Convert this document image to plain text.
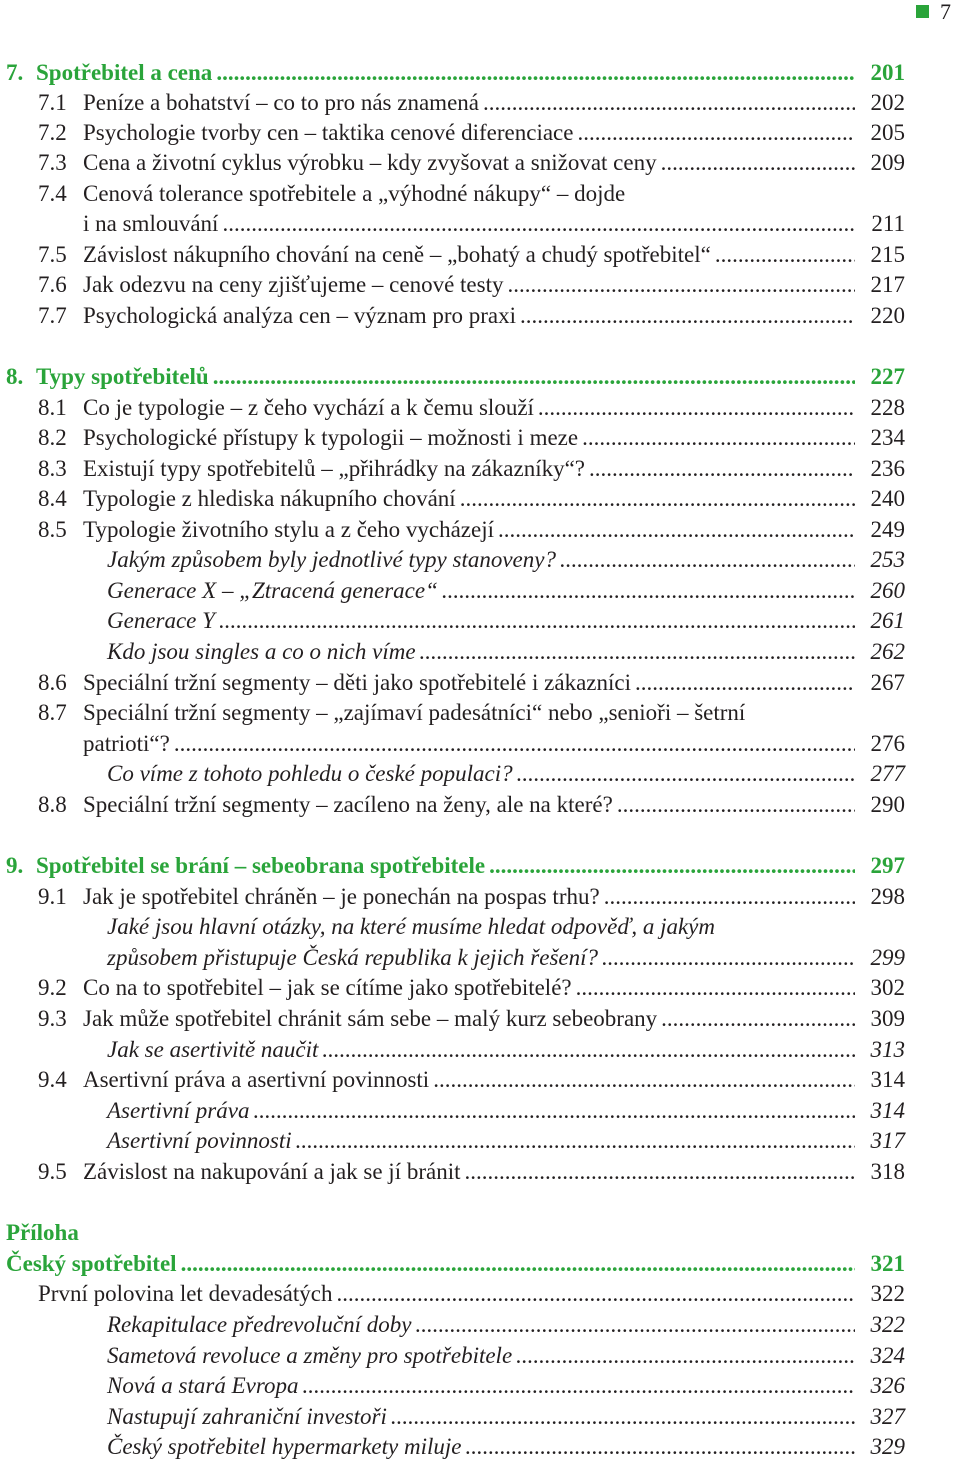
7
7. Spotřebitel a cena .....	201
7.1 Peníze a bohatství – co to pro nás znamená .....	202
7.2 Psychologie tvorby cen – taktika cenové diferenciace .....	205
7.3 Cena a životní cyklus výrobku – kdy zvyšovat a snižovat ceny .....	209
7.4 Cenová tolerance spotřebitele a „výhodné nákupy“ – dojde
i na smlouvání .....	211
7.5 Závislost nákupního chování na ceně – „bohatý a chudý spotřebitel“ .....	215
7.6 Jak odezvu na ceny zjišťujeme – cenové testy .....	217
7.7 Psychologická analýza cen – význam pro praxi .....	220
8. Typy spotřebitelů .....	227
8.1 Co je typologie – z čeho vychází a k čemu slouží .....	228
8.2 Psychologické přístupy k typologii – možnosti i meze .....	234
8.3 Existují typy spotřebitelů – „přihrádky na zákazníky“? .....	236
8.4 Typologie z hlediska nákupního chování .....	240
8.5 Typologie životního stylu a z čeho vycházejí .....	249
Jakým způsobem byly jednotlivé typy stanoveny? .....	253
Generace X – „Ztracená generace“ .....	260
Generace Y .....	261
Kdo jsou singles a co o nich víme .....	262
8.6 Speciální tržní segmenty – děti jako spotřebitelé i zákazníci .....	267
8.7 Speciální tržní segmenty – „zajímaví padesátníci“ nebo „senioři – šetrní
patrioti“? .....	276
Co víme z tohoto pohledu o české populaci? .....	277
8.8 Speciální tržní segmenty – zacíleno na ženy, ale na které? .....	290
9. Spotřebitel se brání – sebeobrana spotřebitele .....	297
9.1 Jak je spotřebitel chráněn – je ponechán na pospas trhu? .....	298
Jaké jsou hlavní otázky, na které musíme hledat odpověď, a jakým
způsobem přistupuje Česká republika k jejich řešení? .....	299
9.2 Co na to spotřebitel – jak se cítíme jako spotřebitelé? .....	302
9.3 Jak může spotřebitel chránit sám sebe – malý kurz sebeobrany .....	309
Jak se asertivitě naučit .....	313
9.4 Asertivní práva a asertivní povinnosti .....	314
Asertivní práva .....	314
Asertivní povinnosti .....	317
9.5 Závislost na nakupování a jak se jí bránit .....	318
Příloha
Český spotřebitel .....	321
První polovina let devadesátých .....	322
Rekapitulace předrevoluční doby .....	322
Sametová revoluce a změny pro spotřebitele .....	324
Nová a stará Evropa .....	326
Nastupují zahraniční investoři .....	327
Český spotřebitel hypermarkety miluje .....	329
